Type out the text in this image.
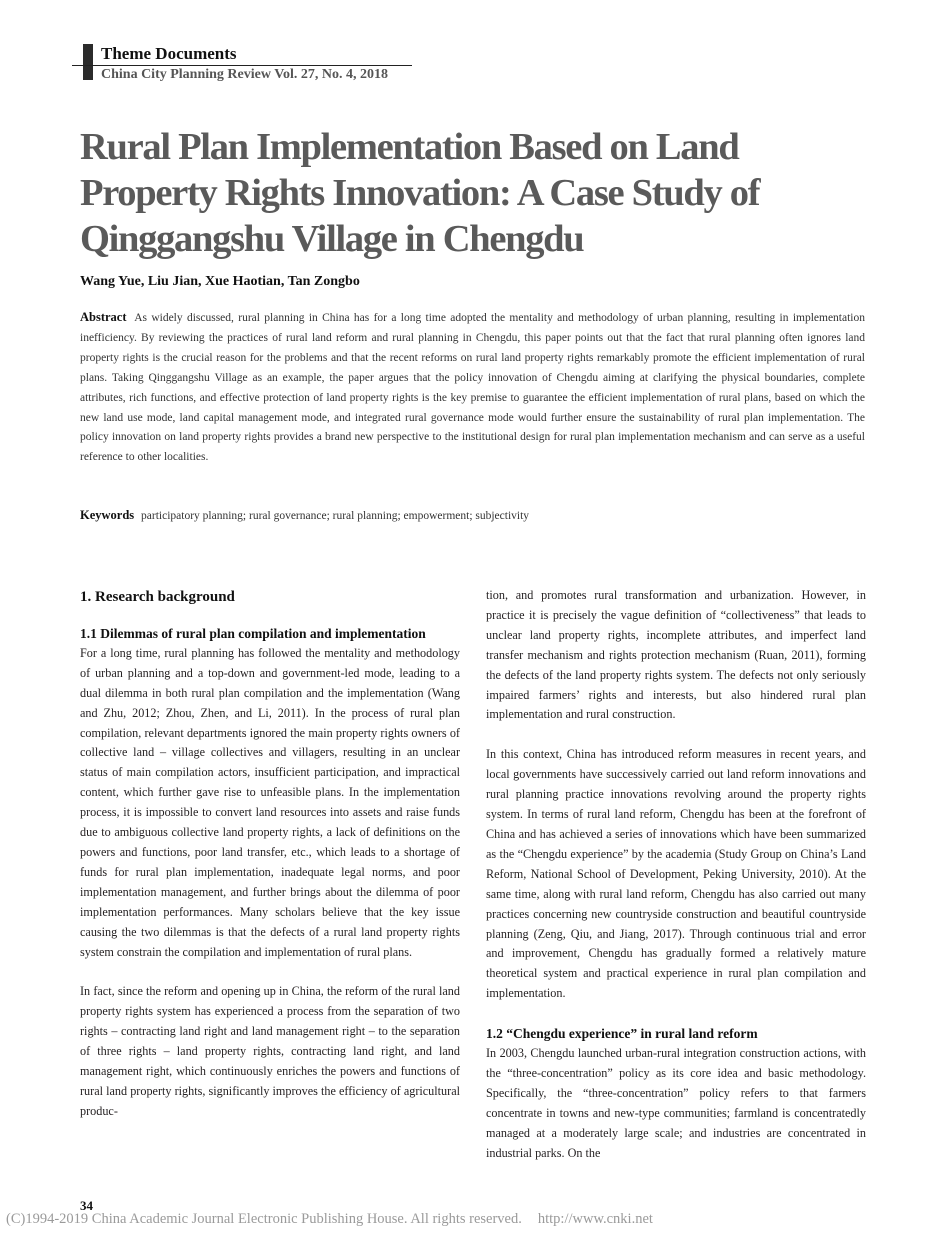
Theme Documents
China City Planning Review Vol. 27, No. 4, 2018
Rural Plan Implementation Based on Land Property Rights Innovation: A Case Study of Qinggangshu Village in Chengdu
Wang Yue, Liu Jian, Xue Haotian, Tan Zongbo

Abstract As widely discussed, rural planning in China has for a long time adopted the mentality and methodology of urban planning, resulting in implementation inefficiency. By reviewing the practices of rural land reform and rural planning in Chengdu, this paper points out that the fact that rural planning often ignores land property rights is the crucial reason for the problems and that the recent reforms on rural land property rights remarkably promote the efficient implementation of rural plans. Taking Qinggangshu Village as an example, the paper argues that the policy innovation of Chengdu aiming at clarifying the physical boundaries, complete attributes, rich functions, and effective protection of land property rights is the key premise to guarantee the efficient implementation of rural plans, based on which the new land use mode, land capital management mode, and integrated rural governance mode would further ensure the sustainability of rural plan implementation. The policy innovation on land property rights provides a brand new perspective to the institutional design for rural plan implementation mechanism and can serve as a useful reference to other localities.

Keywords participatory planning; rural governance; rural planning; empowerment; subjectivity
1. Research background
1.1 Dilemmas of rural plan compilation and implementation

For a long time, rural planning has followed the mentality and methodology of urban planning and a top-down and government-led mode, leading to a dual dilemma in both rural plan compilation and the implementation (Wang and Zhu, 2012; Zhou, Zhen, and Li, 2011). In the process of rural plan compilation, relevant departments ignored the main property rights owners of collective land – village collectives and villagers, resulting in an unclear status of main compilation actors, insufficient participation, and impractical content, which further gave rise to unfeasible plans. In the implementation process, it is impossible to convert land resources into assets and raise funds due to ambiguous collective land property rights, a lack of definitions on the powers and functions, poor land transfer, etc., which leads to a shortage of funds for rural plan implementation, inadequate legal norms, and poor implementation management, and further brings about the dilemma of poor implementation performances. Many scholars believe that the key issue causing the two dilemmas is that the defects of a rural land property rights system constrain the compilation and implementation of rural plans.

In fact, since the reform and opening up in China, the reform of the rural land property rights system has experienced a process from the separation of two rights – contracting land right and land management right – to the separation of three rights – land property rights, contracting land right, and land management right, which continuously enriches the powers and functions of rural land property rights, significantly improves the efficiency of agricultural produc-

tion, and promotes rural transformation and urbanization. However, in practice it is precisely the vague definition of “collectiveness” that leads to unclear land property rights, incomplete attributes, and imperfect land transfer mechanism and rights protection mechanism (Ruan, 2011), forming the defects of the land property rights system. The defects not only seriously impaired farmers’ rights and interests, but also hindered rural plan implementation and rural construction.

In this context, China has introduced reform measures in recent years, and local governments have successively carried out land reform innovations and rural planning practice innovations revolving around the property rights system. In terms of rural land reform, Chengdu has been at the forefront of China and has achieved a series of innovations which have been summarized as the “Chengdu experience” by the academia (Study Group on China’s Land Reform, National School of Development, Peking University, 2010). At the same time, along with rural land reform, Chengdu has also carried out many practices concerning new countryside construction and beautiful countryside planning (Zeng, Qiu, and Jiang, 2017). Through continuous trial and error and improvement, Chengdu has gradually formed a relatively mature theoretical system and practical experience in rural plan compilation and implementation.

1.2 “Chengdu experience” in rural land reform

In 2003, Chengdu launched urban-rural integration construction actions, with the “three-concentration” policy as its core idea and basic methodology. Specifically, the “three-concentration” policy refers to that farmers concentrate in towns and new-type communities; farmland is concentratedly managed at a moderately large scale; and industries are concentrated in industrial parks. On the

34
(C)1994-2019 China Academic Journal Electronic Publishing House. All rights reserved. http://www.cnki.net
